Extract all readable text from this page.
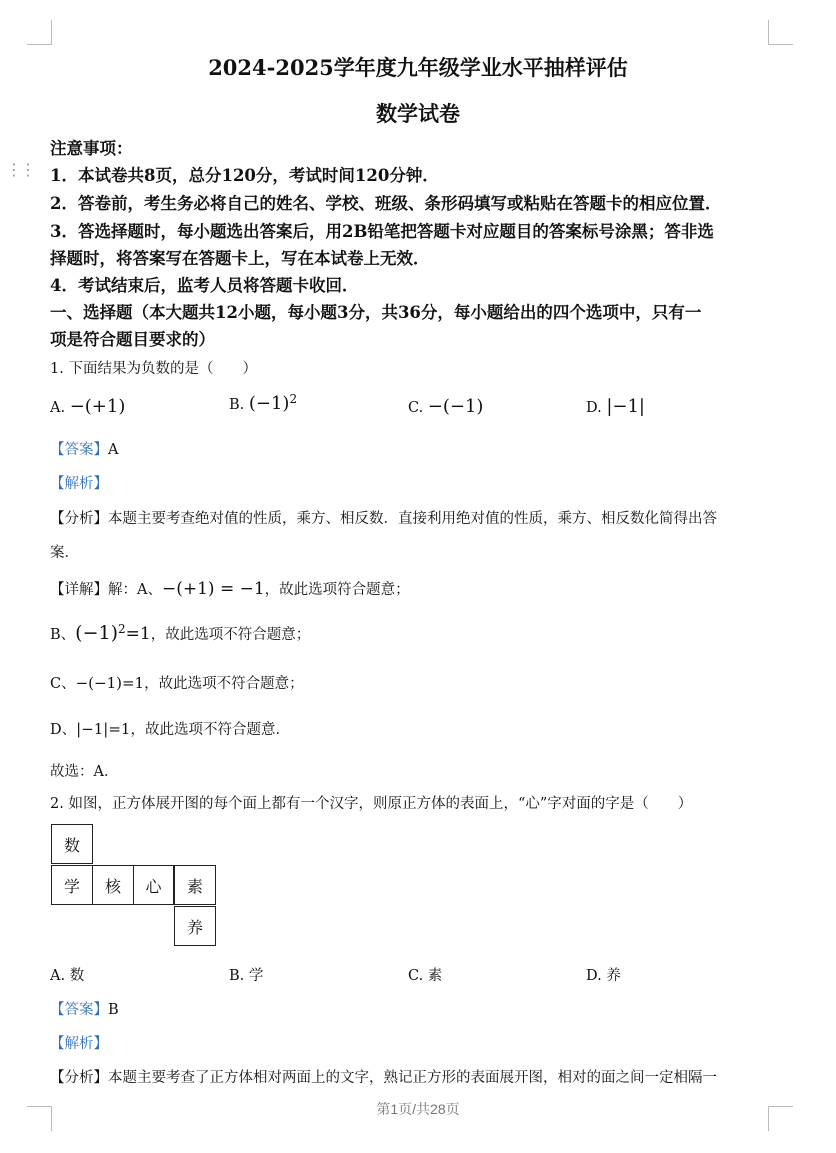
⋮⋮
2024-2025学年度九年级学业水平抽样评估
数学试卷
注意事项：
1．本试卷共8页，总分120分，考试时间120分钟．
2．答卷前，考生务必将自己的姓名、学校、班级、条形码填写或粘贴在答题卡的相应位置．
3．答选择题时，每小题选出答案后，用2B铅笔把答题卡对应题目的答案标号涂黑；答非选
择题时，将答案写在答题卡上，写在本试卷上无效．
4．考试结束后，监考人员将答题卡收回．
一、选择题（本大题共12小题，每小题3分，共36分，每小题给出的四个选项中，只有一
项是符合题目要求的）
1. 下面结果为负数的是（　　）
A. −(+1)	B. $(-1)^2$
C. −(−1)	D. |−1|
【答案】A
【解析】
【分析】本题主要考查绝对值的性质，乘方、相反数．直接利用绝对值的性质，乘方、相反数化简得出答
案．
【详解】解：A、−(+1) = −1，故此选项符合题意；
B、$(-1)^2=1$，故此选项不符合题意；
C、−(−1)=1，故此选项不符合题意；
D、|−1|=1，故此选项不符合题意．
故选：A．
2. 如图，正方体展开图的每个面上都有一个汉字，则原正方体的表面上，“心”字对面的字是（　　）
数
学	核	心	素
养
A. 数	B. 学	C. 素	D. 养
【答案】B
【解析】
【分析】本题主要考查了正方体相对两面上的文字，熟记正方形的表面展开图，相对的面之间一定相隔一
第1页/共28页
